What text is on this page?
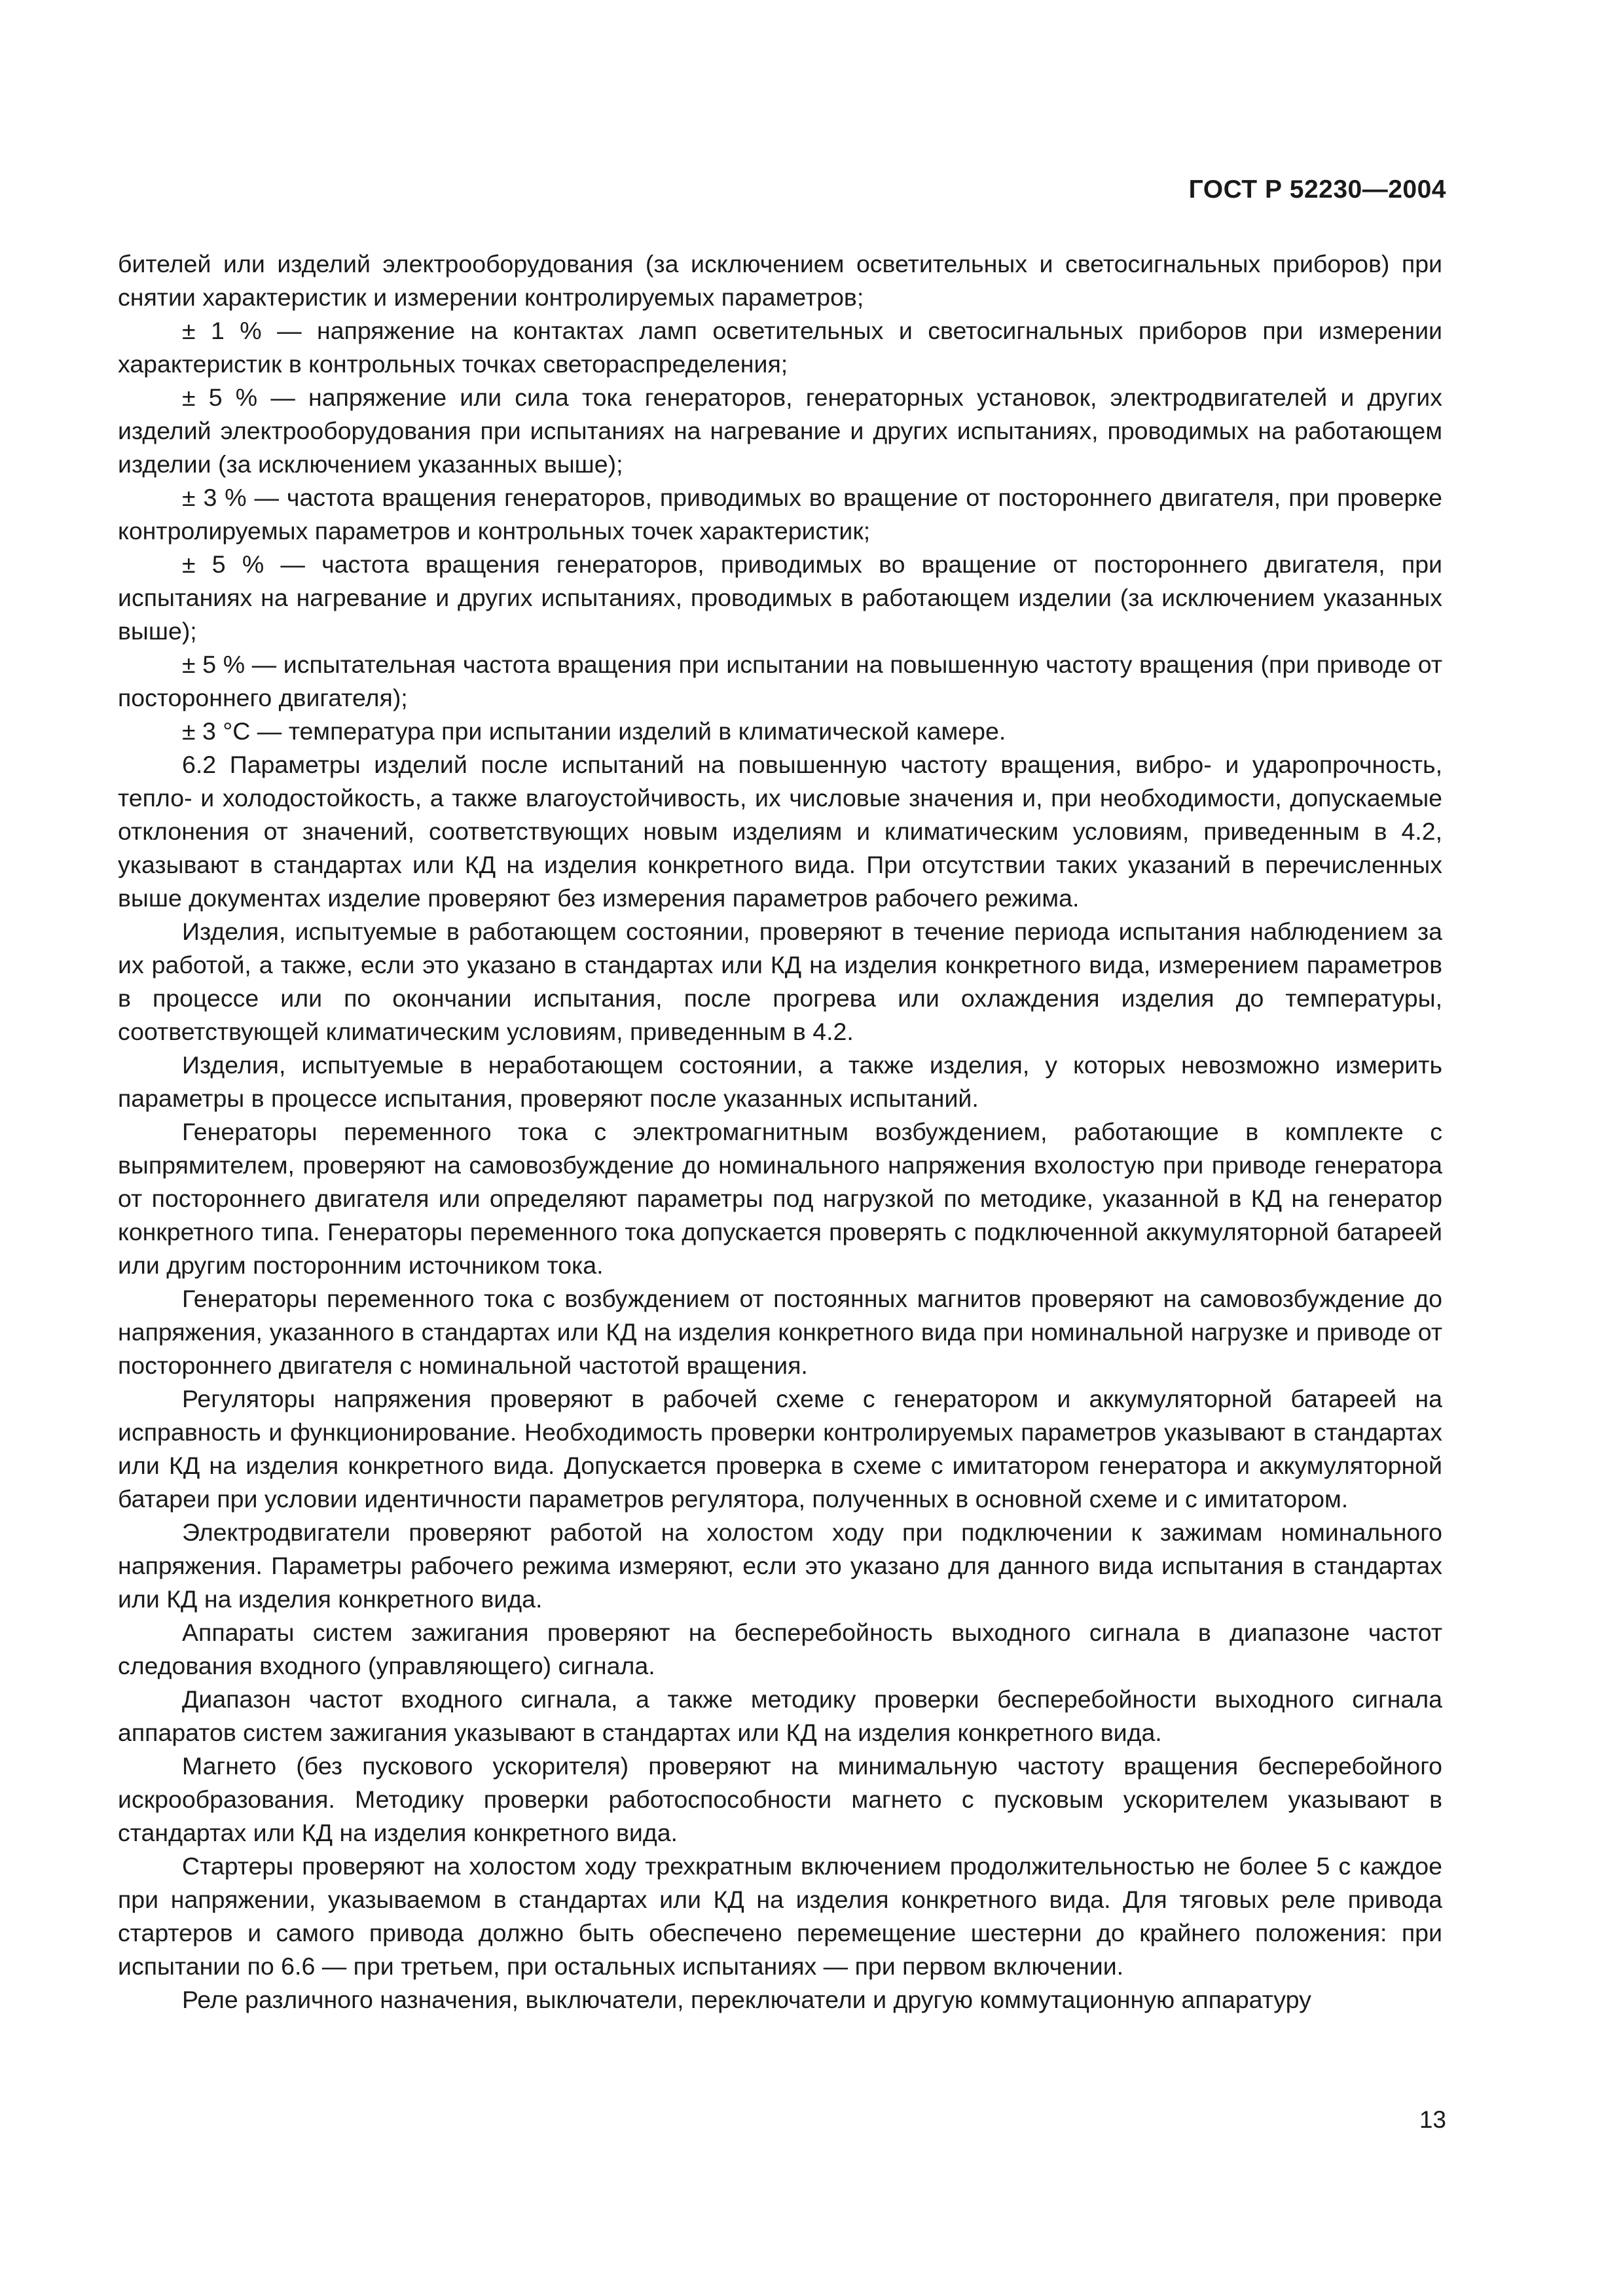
ГОСТ Р 52230—2004

бителей или изделий электрооборудования (за исключением осветительных и светосигнальных приборов) при снятии характеристик и измерении контролируемых параметров;

± 1 % — напряжение на контактах ламп осветительных и светосигнальных приборов при измерении характеристик в контрольных точках светораспределения;

± 5 % — напряжение или сила тока генераторов, генераторных установок, электродвигателей и других изделий электрооборудования при испытаниях на нагревание и других испытаниях, проводимых на работающем изделии (за исключением указанных выше);

± 3 % — частота вращения генераторов, приводимых во вращение от постороннего двигателя, при проверке контролируемых параметров и контрольных точек характеристик;

± 5 % — частота вращения генераторов, приводимых во вращение от постороннего двигателя, при испытаниях на нагревание и других испытаниях, проводимых в работающем изделии (за исключением указанных выше);

± 5 % — испытательная частота вращения при испытании на повышенную частоту вращения (при приводе от постороннего двигателя);

± 3 °С — температура при испытании изделий в климатической камере.

6.2 Параметры изделий после испытаний на повышенную частоту вращения, вибро- и ударопрочность, тепло- и холодостойкость, а также влагоустойчивость, их числовые значения и, при необходимости, допускаемые отклонения от значений, соответствующих новым изделиям и климатическим условиям, приведенным в 4.2, указывают в стандартах или КД на изделия конкретного вида. При отсутствии таких указаний в перечисленных выше документах изделие проверяют без измерения параметров рабочего режима.

Изделия, испытуемые в работающем состоянии, проверяют в течение периода испытания наблюдением за их работой, а также, если это указано в стандартах или КД на изделия конкретного вида, измерением параметров в процессе или по окончании испытания, после прогрева или охлаждения изделия до температуры, соответствующей климатическим условиям, приведенным в 4.2.

Изделия, испытуемые в неработающем состоянии, а также изделия, у которых невозможно измерить параметры в процессе испытания, проверяют после указанных испытаний.

Генераторы переменного тока с электромагнитным возбуждением, работающие в комплекте с выпрямителем, проверяют на самовозбуждение до номинального напряжения вхолостую при приводе генератора от постороннего двигателя или определяют параметры под нагрузкой по методике, указанной в КД на генератор конкретного типа. Генераторы переменного тока допускается проверять с подключенной аккумуляторной батареей или другим посторонним источником тока.

Генераторы переменного тока с возбуждением от постоянных магнитов проверяют на самовозбуждение до напряжения, указанного в стандартах или КД на изделия конкретного вида при номинальной нагрузке и приводе от постороннего двигателя с номинальной частотой вращения.

Регуляторы напряжения проверяют в рабочей схеме с генератором и аккумуляторной батареей на исправность и функционирование. Необходимость проверки контролируемых параметров указывают в стандартах или КД на изделия конкретного вида. Допускается проверка в схеме с имитатором генератора и аккумуляторной батареи при условии идентичности параметров регулятора, полученных в основной схеме и с имитатором.

Электродвигатели проверяют работой на холостом ходу при подключении к зажимам номинального напряжения. Параметры рабочего режима измеряют, если это указано для данного вида испытания в стандартах или КД на изделия конкретного вида.

Аппараты систем зажигания проверяют на бесперебойность выходного сигнала в диапазоне частот следования входного (управляющего) сигнала.

Диапазон частот входного сигнала, а также методику проверки бесперебойности выходного сигнала аппаратов систем зажигания указывают в стандартах или КД на изделия конкретного вида.

Магнето (без пускового ускорителя) проверяют на минимальную частоту вращения бесперебойного искрообразования. Методику проверки работоспособности магнето с пусковым ускорителем указывают в стандартах или КД на изделия конкретного вида.

Стартеры проверяют на холостом ходу трехкратным включением продолжительностью не более 5 с каждое при напряжении, указываемом в стандартах или КД на изделия конкретного вида. Для тяговых реле привода стартеров и самого привода должно быть обеспечено перемещение шестерни до крайнего положения: при испытании по 6.6 — при третьем, при остальных испытаниях — при первом включении.

Реле различного назначения, выключатели, переключатели и другую коммутационную аппаратуру

13
